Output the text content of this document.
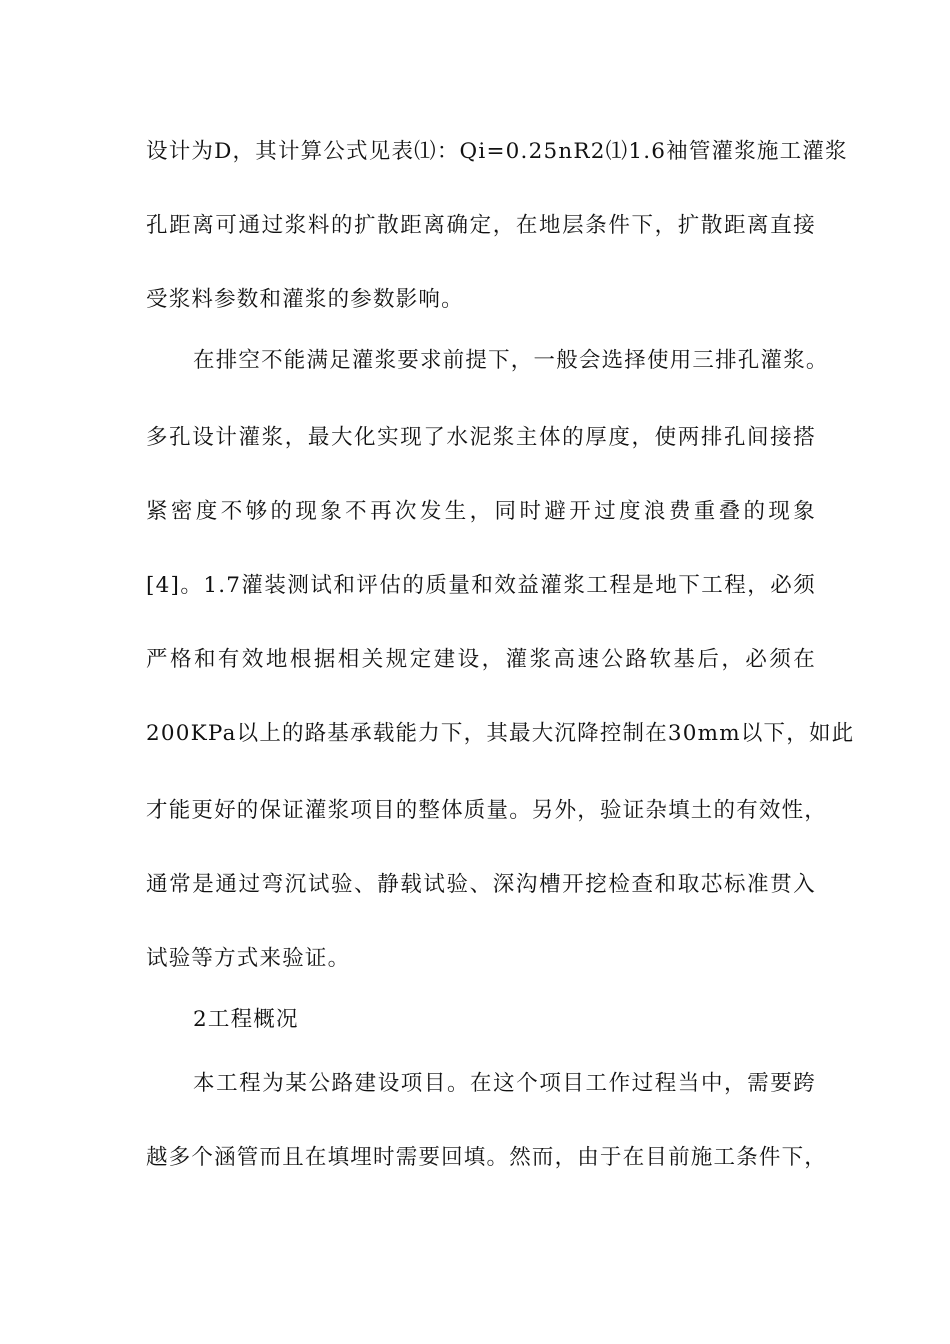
设计为D，其计算公式见表⑴：Qi=0.25nR2⑴1.6袖管灌浆施工灌浆
孔距离可通过浆料的扩散距离确定，在地层条件下，扩散距离直接
受浆料参数和灌浆的参数影响。
在排空不能满足灌浆要求前提下，一般会选择使用三排孔灌浆。
多孔设计灌浆，最大化实现了水泥浆主体的厚度，使两排孔间接搭
紧密度不够的现象不再次发生，同时避开过度浪费重叠的现象
[4]。1.7灌装测试和评估的质量和效益灌浆工程是地下工程，必须
严格和有效地根据相关规定建设，灌浆高速公路软基后，必须在
200KPa以上的路基承载能力下，其最大沉降控制在30mm以下，如此
才能更好的保证灌浆项目的整体质量。另外，验证杂填土的有效性，
通常是通过弯沉试验、静载试验、深沟槽开挖检查和取芯标准贯入
试验等方式来验证。
2工程概况
本工程为某公路建设项目。在这个项目工作过程当中，需要跨
越多个涵管而且在填埋时需要回填。然而，由于在目前施工条件下，
